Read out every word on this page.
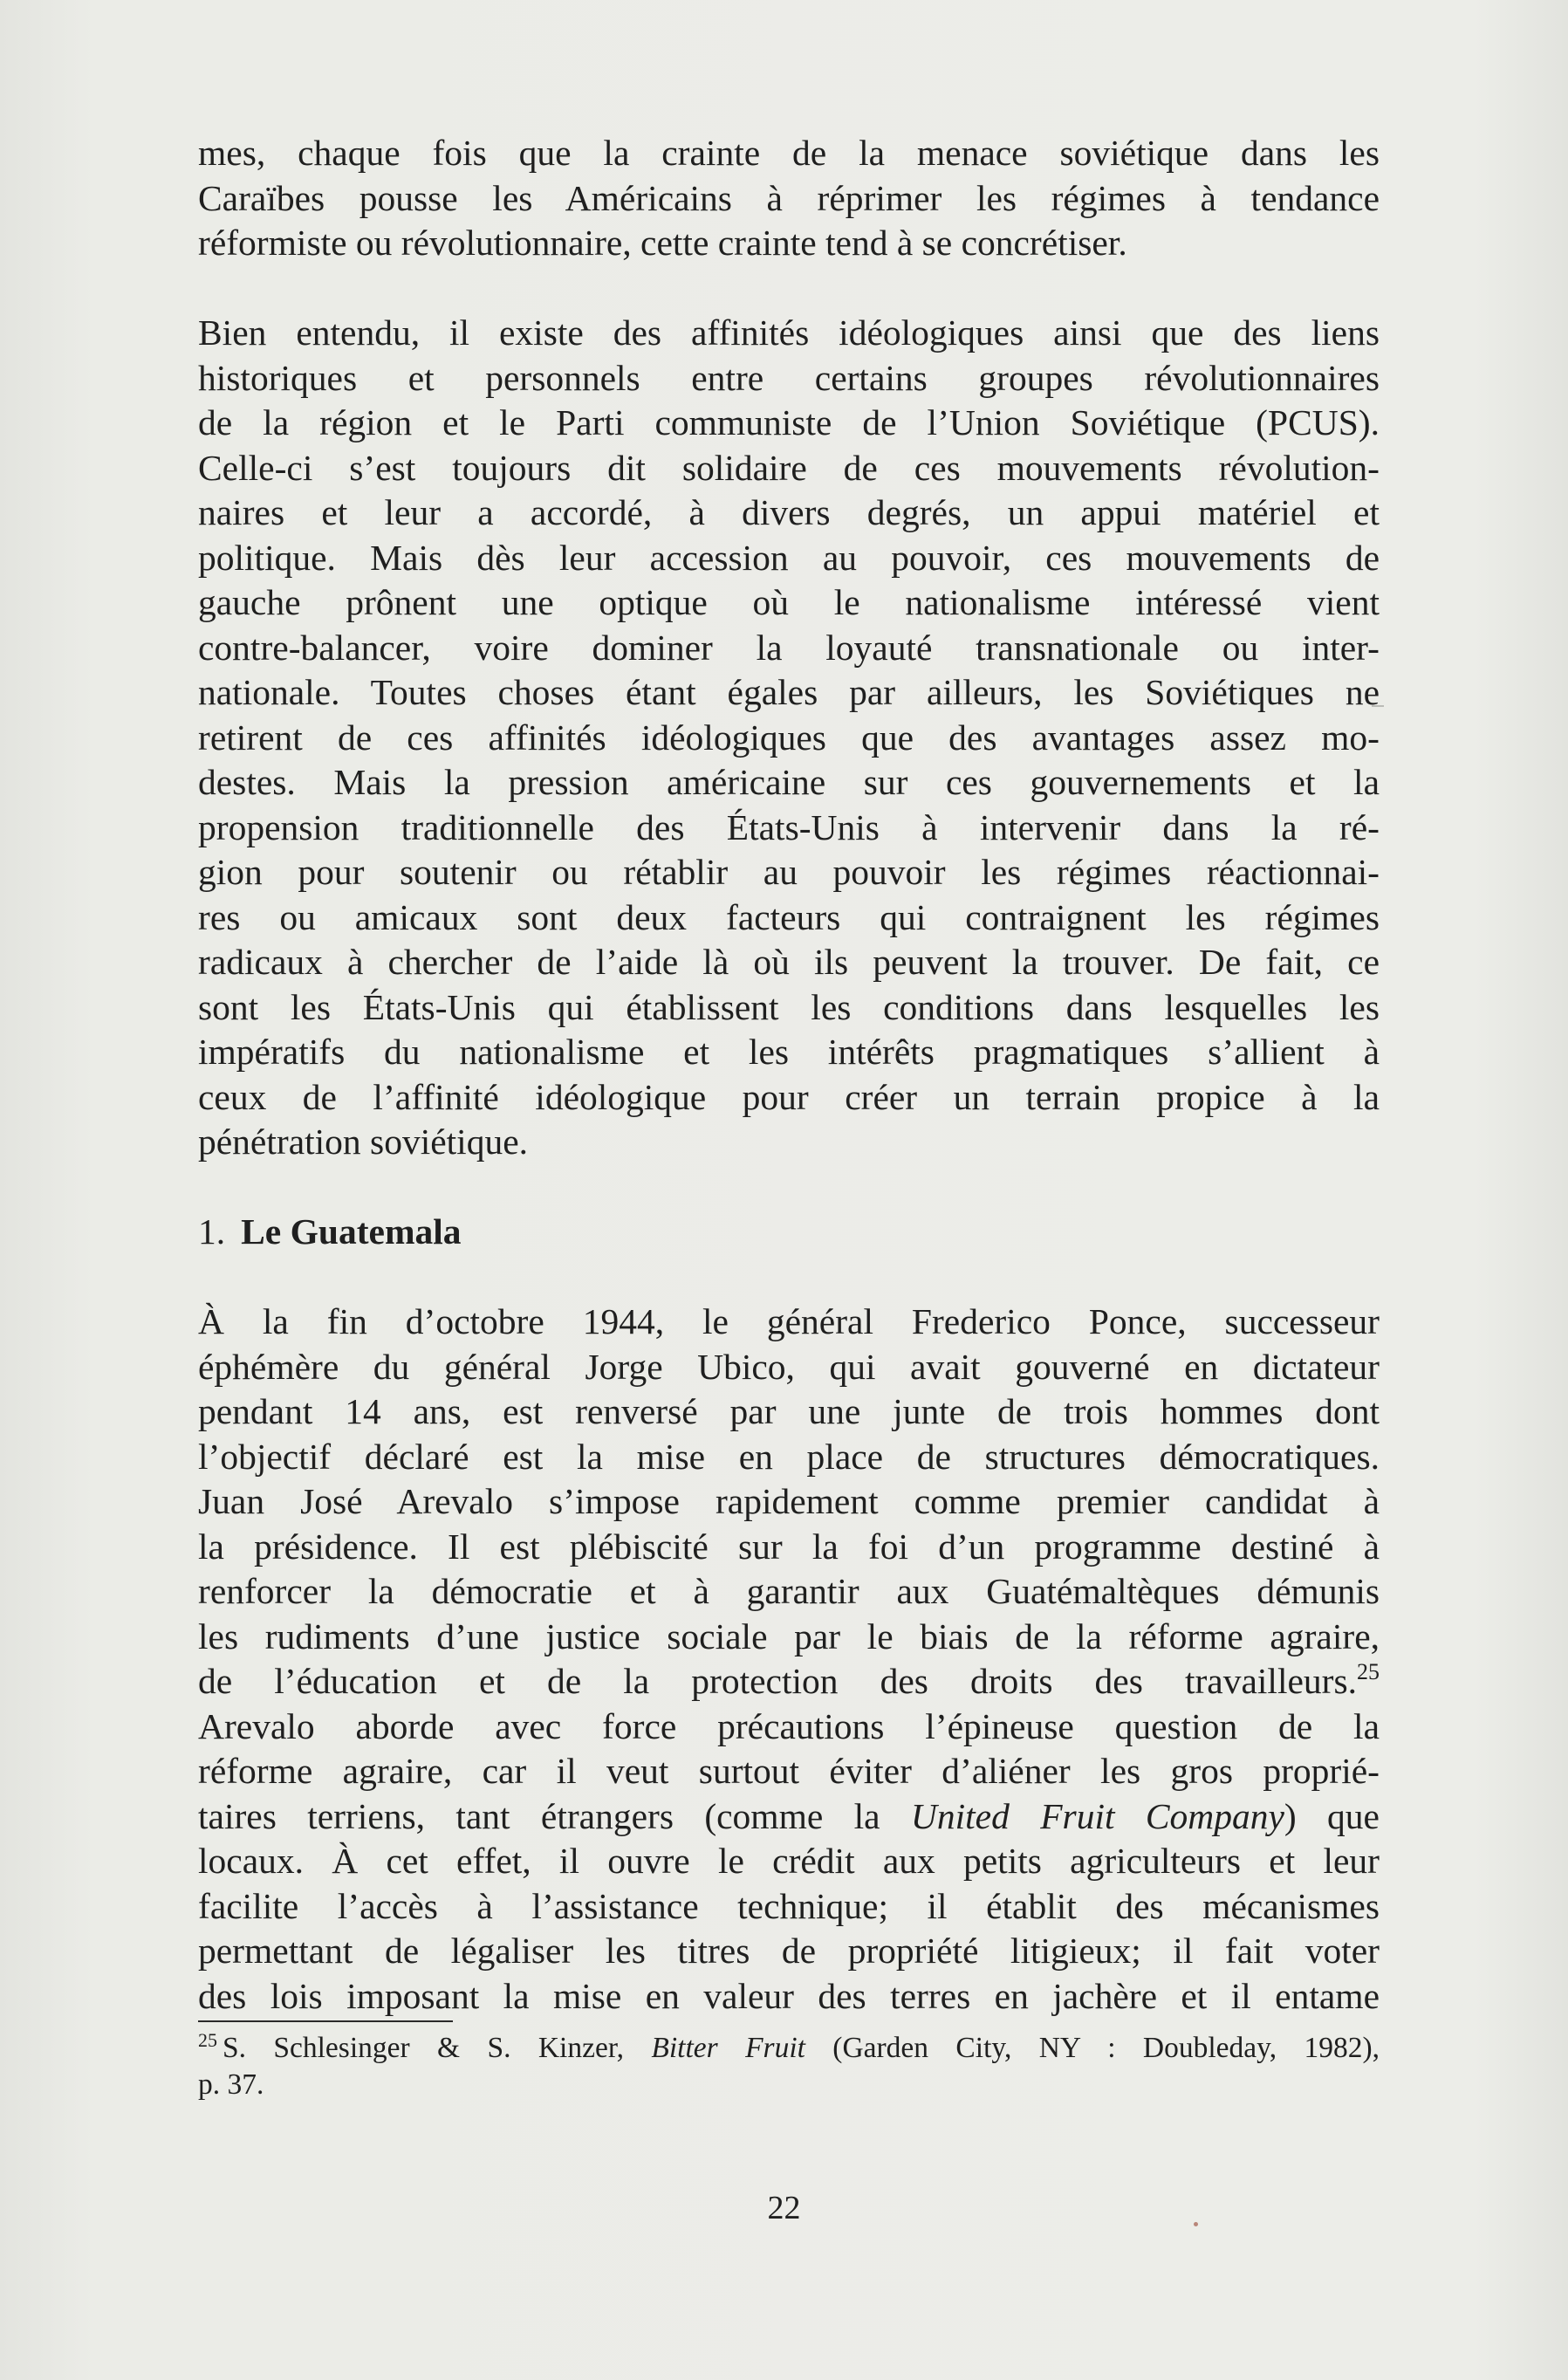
mes, chaque fois que la crainte de la menace soviétique dans les
Caraïbes pousse les Américains à réprimer les régimes à tendance
réformiste ou révolutionnaire, cette crainte tend à se concrétiser.
Bien entendu, il existe des affinités idéologiques ainsi que des liens
historiques et personnels entre certains groupes révolutionnaires
de la région et le Parti communiste de l’Union Soviétique (PCUS).
Celle-ci s’est toujours dit solidaire de ces mouvements révolution-
naires et leur a accordé, à divers degrés, un appui matériel et
politique. Mais dès leur accession au pouvoir, ces mouvements de
gauche prônent une optique où le nationalisme intéressé vient
contre-balancer, voire dominer la loyauté transnationale ou inter-
nationale. Toutes choses étant égales par ailleurs, les Soviétiques ne
retirent de ces affinités idéologiques que des avantages assez mo-
destes. Mais la pression américaine sur ces gouvernements et la
propension traditionnelle des États-Unis à intervenir dans la ré-
gion pour soutenir ou rétablir au pouvoir les régimes réactionnai-
res ou amicaux sont deux facteurs qui contraignent les régimes
radicaux à chercher de l’aide là où ils peuvent la trouver. De fait, ce
sont les États-Unis qui établissent les conditions dans lesquelles les
impératifs du nationalisme et les intérêts pragmatiques s’allient à
ceux de l’affinité idéologique pour créer un terrain propice à la
pénétration soviétique.
1. Le Guatemala
À la fin d’octobre 1944, le général Frederico Ponce, successeur
éphémère du général Jorge Ubico, qui avait gouverné en dictateur
pendant 14 ans, est renversé par une junte de trois hommes dont
l’objectif déclaré est la mise en place de structures démocratiques.
Juan José Arevalo s’impose rapidement comme premier candidat à
la présidence. Il est plébiscité sur la foi d’un programme destiné à
renforcer la démocratie et à garantir aux Guatémaltèques démunis
les rudiments d’une justice sociale par le biais de la réforme agraire,
de l’éducation et de la protection des droits des travailleurs.$^{25}$
Arevalo aborde avec force précautions l’épineuse question de la
réforme agraire, car il veut surtout éviter d’aliéner les gros proprié-
taires terriens, tant étrangers (comme la United Fruit Company) que
locaux. À cet effet, il ouvre le crédit aux petits agriculteurs et leur
facilite l’accès à l’assistance technique; il établit des mécanismes
permettant de légaliser les titres de propriété litigieux; il fait voter
des lois imposant la mise en valeur des terres en jachère et il entame
$^{25}$ S. Schlesinger & S. Kinzer, Bitter Fruit (Garden City, NY : Doubleday, 1982),
p. 37.
22
